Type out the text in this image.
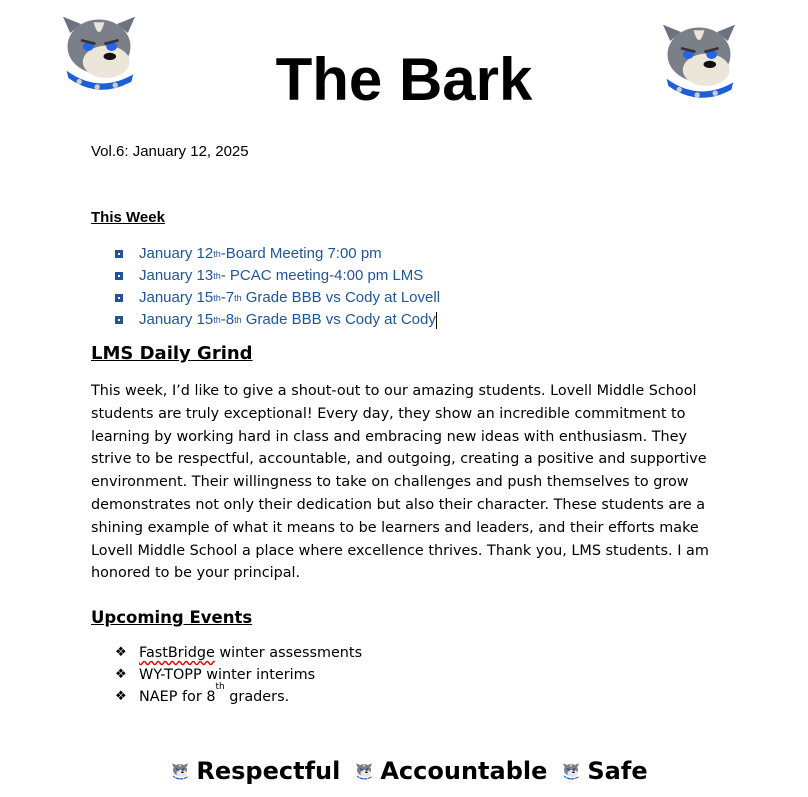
The Bark
Vol.6: January 12, 2025
This Week
January 12 th -Board Meeting 7:00 pm
January 13 th - PCAC meeting-4:00 pm LMS
January 15 th -7 th Grade BBB vs Cody at Lovell
January 15 th -8 th Grade BBB vs Cody at Cody
LMS Daily Grind
This week, I’d like to give a shout-out to our amazing students. Lovell Middle School students are truly exceptional! Every day, they show an incredible commitment to learning by working hard in class and embracing new ideas with enthusiasm. They strive to be respectful, accountable, and outgoing, creating a positive and supportive environment. Their willingness to take on challenges and push themselves to grow demonstrates not only their dedication but also their character. These students are a shining example of what it means to be learners and leaders, and their efforts make Lovell Middle School a place where excellence thrives. Thank you, LMS students. I am honored to be your principal.
Upcoming Events
❖ FastBridge winter assessments
❖ WY-TOPP winter interims
❖ NAEP for 8
th
graders.
Respectful Accountable Safe
